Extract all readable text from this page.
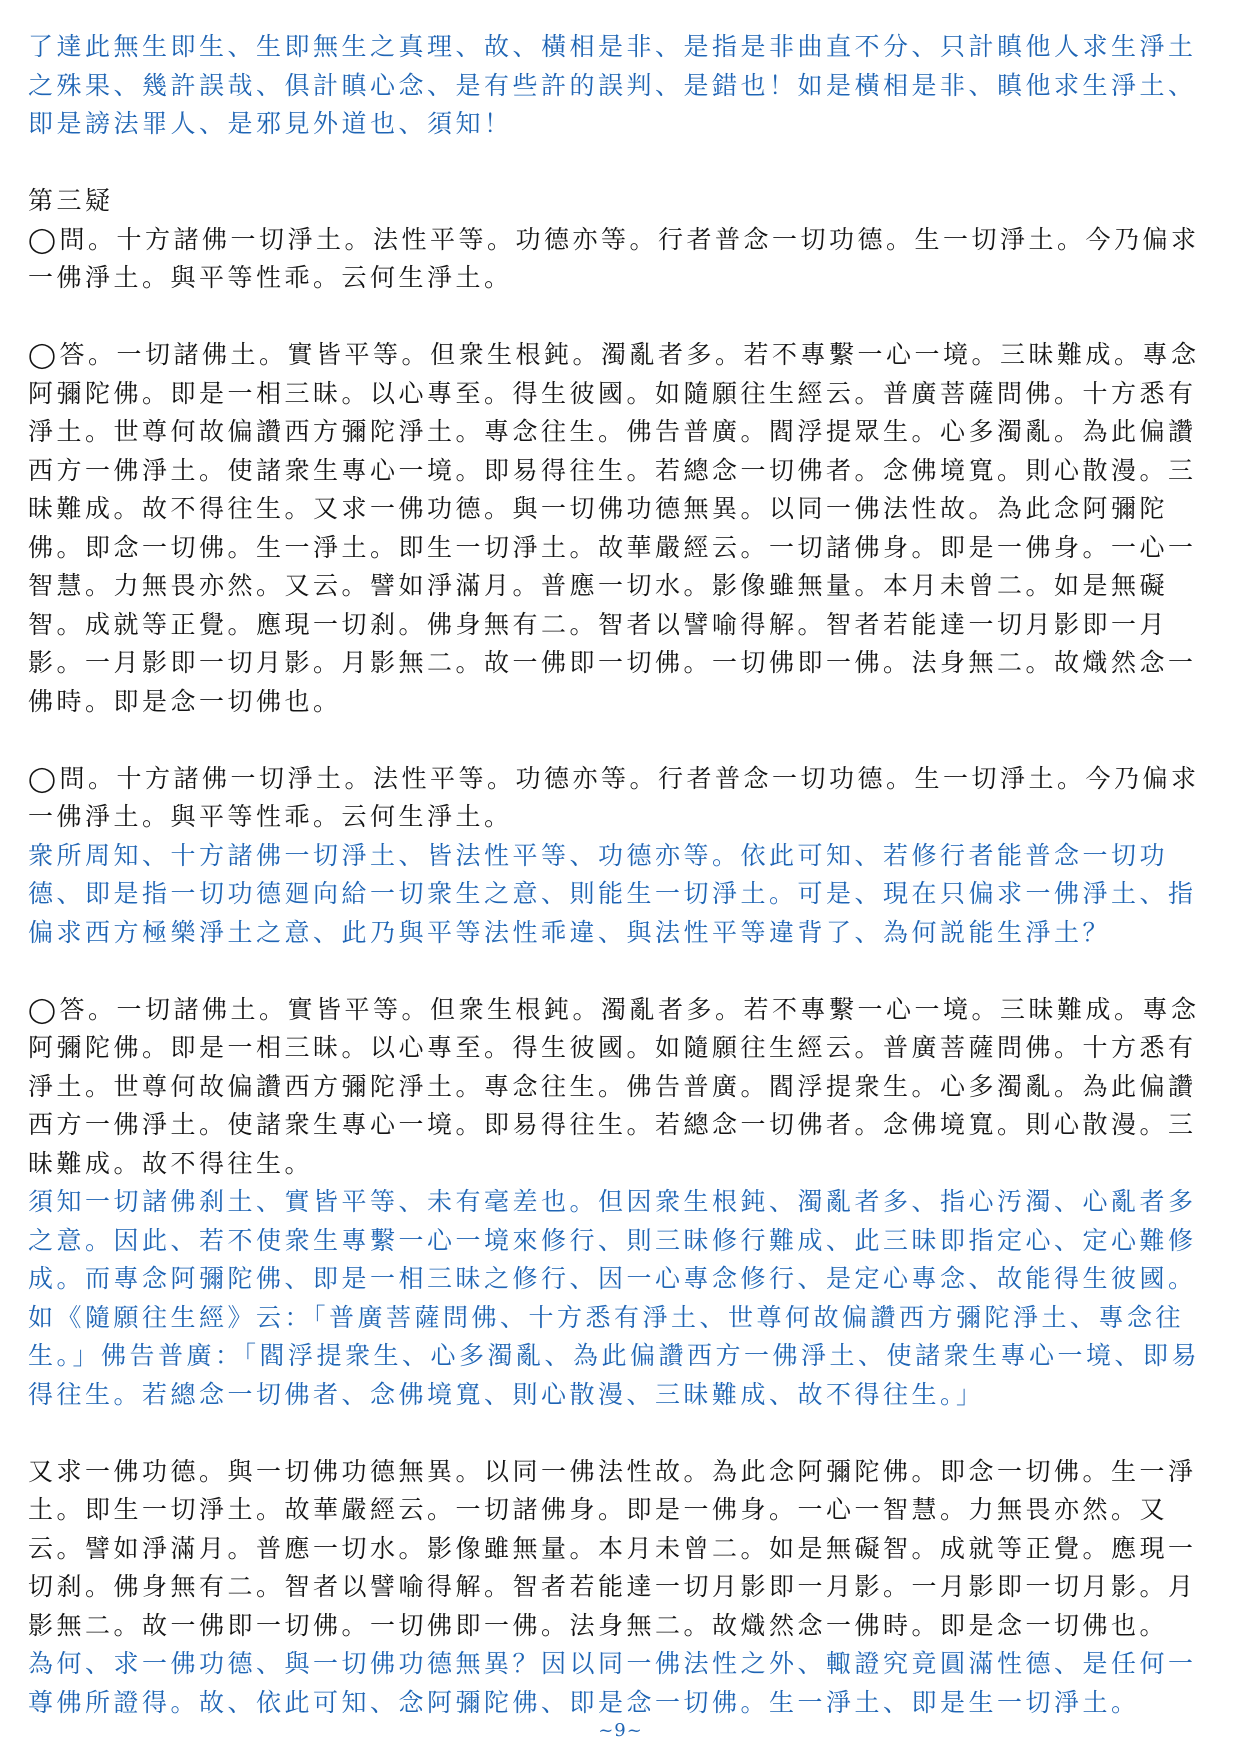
了達此無生即生、生即無生之真理、故、橫相是非、是指是非曲直不分、只計瞋他人求生淨土之殊果、幾許誤哉、俱計瞋心念、是有些許的誤判、是錯也！如是橫相是非、瞋他求生淨土、即是謗法罪人、是邪見外道也、須知！

第三疑
◯問。十方諸佛一切淨土。法性平等。功德亦等。行者普念一切功德。生一切淨土。今乃偏求一佛淨土。與平等性乖。云何生淨土。

◯答。一切諸佛土。實皆平等。但衆生根鈍。濁亂者多。若不專繫一心一境。三昧難成。專念阿彌陀佛。即是一相三昧。以心專至。得生彼國。如隨願往生經云。普廣菩薩問佛。十方悉有淨土。世尊何故偏讚西方彌陀淨土。專念往生。佛告普廣。閻浮提眾生。心多濁亂。為此偏讚西方一佛淨土。使諸衆生專心一境。即易得往生。若總念一切佛者。念佛境寬。則心散漫。三昧難成。故不得往生。又求一佛功德。與一切佛功德無異。以同一佛法性故。為此念阿彌陀佛。即念一切佛。生一淨土。即生一切淨土。故華嚴經云。一切諸佛身。即是一佛身。一心一智慧。力無畏亦然。又云。譬如淨滿月。普應一切水。影像雖無量。本月未曾二。如是無礙智。成就等正覺。應現一切刹。佛身無有二。智者以譬喻得解。智者若能達一切月影即一月影。一月影即一切月影。月影無二。故一佛即一切佛。一切佛即一佛。法身無二。故熾然念一佛時。即是念一切佛也。

◯問。十方諸佛一切淨土。法性平等。功德亦等。行者普念一切功德。生一切淨土。今乃偏求一佛淨土。與平等性乖。云何生淨土。

衆所周知、十方諸佛一切淨土、皆法性平等、功德亦等。依此可知、若修行者能普念一切功德、即是指一切功德廻向給一切衆生之意、則能生一切淨土。可是、現在只偏求一佛淨土、指偏求西方極樂淨土之意、此乃與平等法性乖違、與法性平等違背了、為何説能生淨土？

◯答。一切諸佛土。實皆平等。但衆生根鈍。濁亂者多。若不專繫一心一境。三昧難成。專念阿彌陀佛。即是一相三昧。以心專至。得生彼國。如隨願往生經云。普廣菩薩問佛。十方悉有淨土。世尊何故偏讚西方彌陀淨土。專念往生。佛告普廣。閻浮提衆生。心多濁亂。為此偏讚西方一佛淨土。使諸衆生專心一境。即易得往生。若總念一切佛者。念佛境寬。則心散漫。三昧難成。故不得往生。

須知一切諸佛刹土、實皆平等、未有毫差也。但因衆生根鈍、濁亂者多、指心汚濁、心亂者多之意。因此、若不使衆生專繫一心一境來修行、則三昧修行難成、此三昧即指定心、定心難修成。而專念阿彌陀佛、即是一相三昧之修行、因一心專念修行、是定心專念、故能得生彼國。如《隨願往生經》云：「普廣菩薩問佛、十方悉有淨土、世尊何故偏讚西方彌陀淨土、專念往生。」佛告普廣：「閻浮提衆生、心多濁亂、為此偏讚西方一佛淨土、使諸衆生專心一境、即易得往生。若總念一切佛者、念佛境寬、則心散漫、三昧難成、故不得往生。」

又求一佛功德。與一切佛功德無異。以同一佛法性故。為此念阿彌陀佛。即念一切佛。生一淨土。即生一切淨土。故華嚴經云。一切諸佛身。即是一佛身。一心一智慧。力無畏亦然。又云。譬如淨滿月。普應一切水。影像雖無量。本月未曾二。如是無礙智。成就等正覺。應現一切刹。佛身無有二。智者以譬喻得解。智者若能達一切月影即一月影。一月影即一切月影。月影無二。故一佛即一切佛。一切佛即一佛。法身無二。故熾然念一佛時。即是念一切佛也。

為何、求一佛功德、與一切佛功德無異？因以同一佛法性之外、輙證究竟圓滿性德、是任何一尊佛所證得。故、依此可知、念阿彌陀佛、即是念一切佛。生一淨土、即是生一切淨土。

~9~
